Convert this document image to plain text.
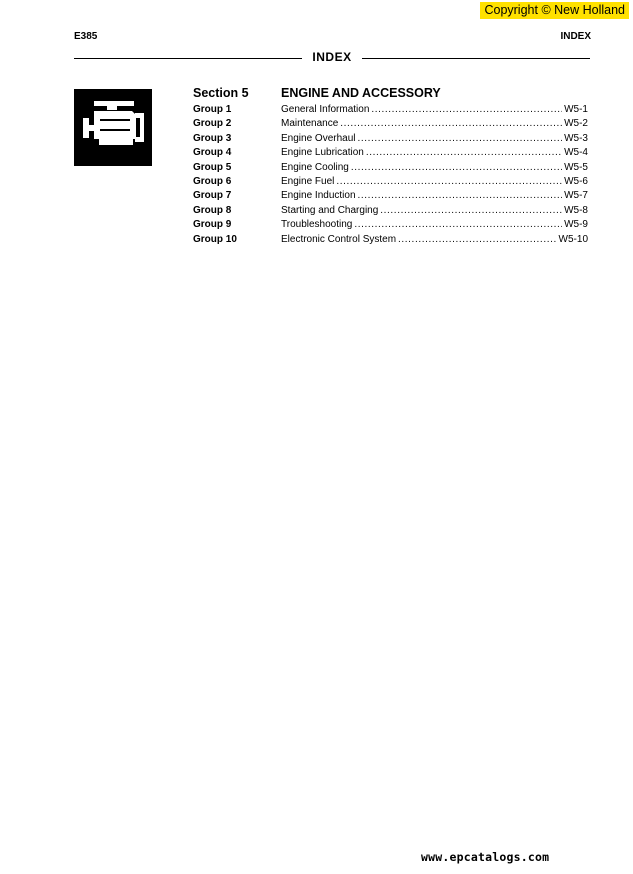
Copyright © New Holland
E385	INDEX
INDEX
Section 5	ENGINE AND ACCESSORY
Group 1	General Information .....	W5-1
Group 2	Maintenance .....	W5-2
Group 3	Engine Overhaul .....	W5-3
Group 4	Engine Lubrication .....	W5-4
Group 5	Engine Cooling .....	W5-5
Group 6	Engine Fuel .....	W5-6
Group 7	Engine Induction .....	W5-7
Group 8	Starting and Charging .....	W5-8
Group 9	Troubleshooting .....	W5-9
Group 10	Electronic Control System .....	W5-10
www.epcatalogs.com
